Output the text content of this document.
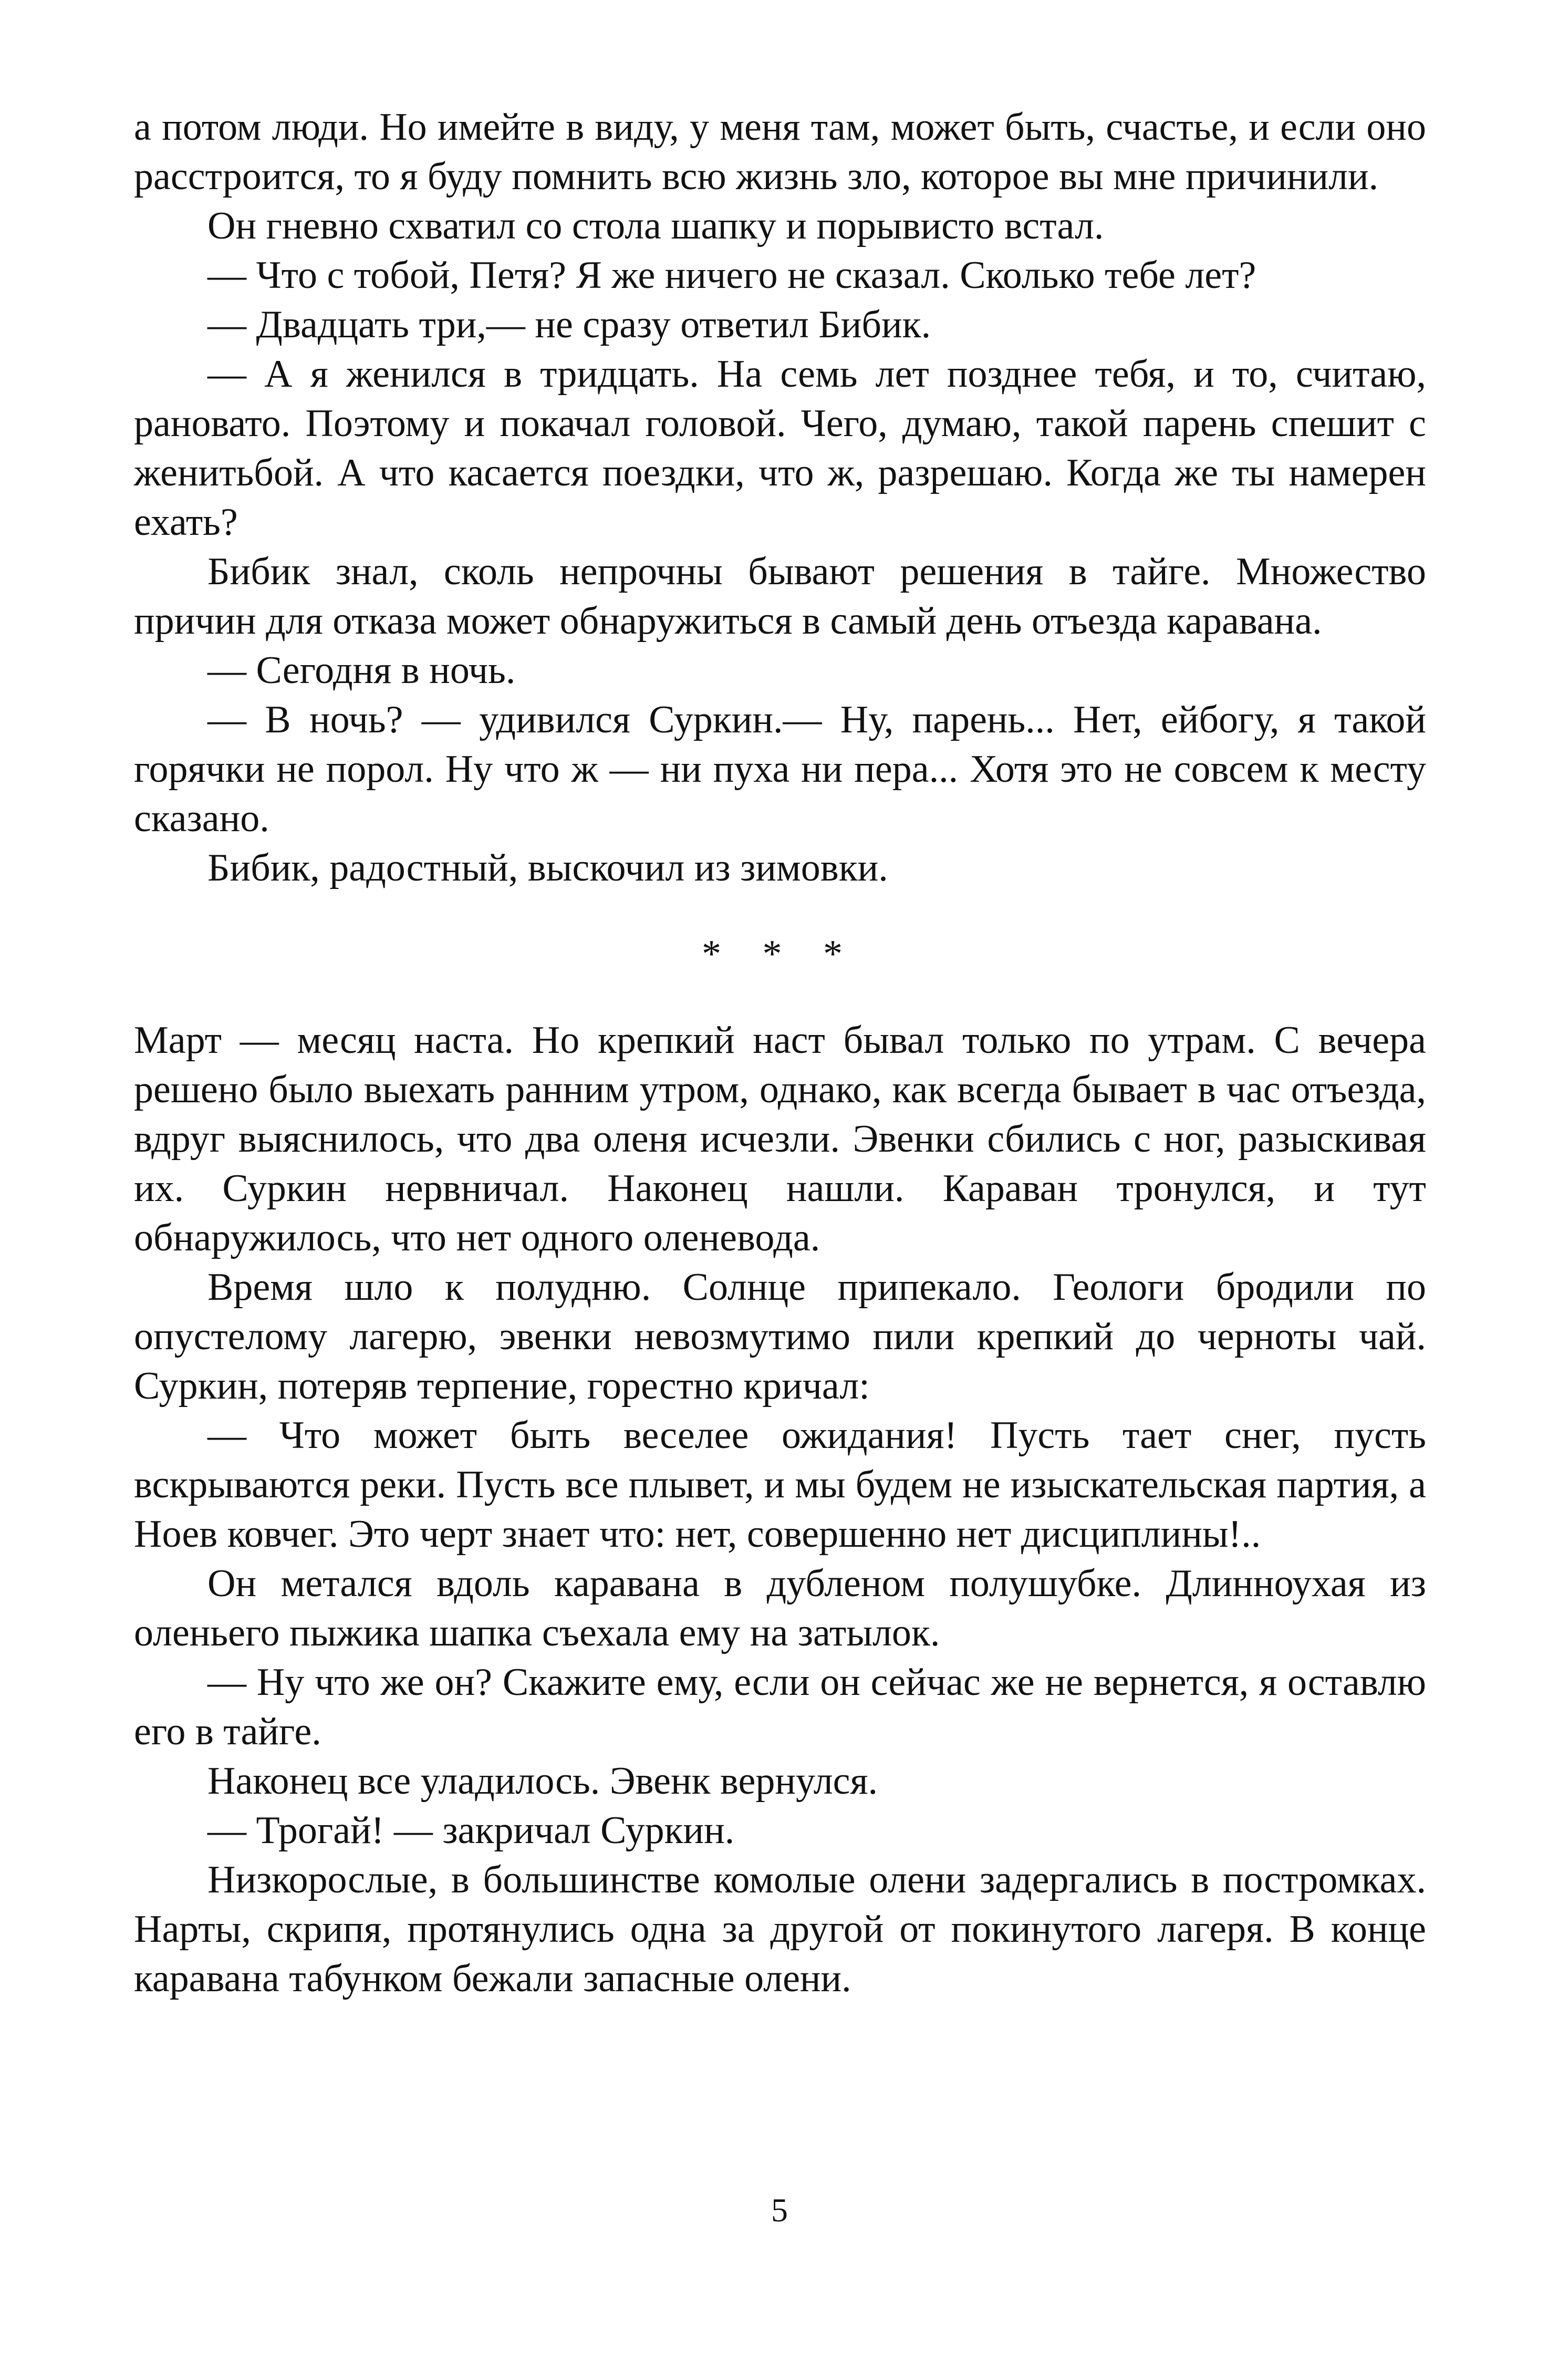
а потом люди. Но имейте в виду, у меня там, может быть, счастье, и если оно расстроится, то я буду помнить всю жизнь зло, которое вы мне причинили.

Он гневно схватил со стола шапку и порывисто встал.

— Что с тобой, Петя? Я же ничего не сказал. Сколько тебе лет?

— Двадцать три,— не сразу ответил Бибик.

— А я женился в тридцать. На семь лет позднее тебя, и то, считаю, рановато. Поэтому и покачал головой. Чего, думаю, такой парень спешит с женитьбой. А что касается поездки, что ж, разрешаю. Когда же ты намерен ехать?

Бибик знал, сколь непрочны бывают решения в тайге. Множество причин для отказа может обнаружиться в самый день отъезда каравана.

— Сегодня в ночь.

— В ночь? — удивился Суркин.— Ну, парень... Нет, ейбогу, я такой горячки не порол. Ну что ж — ни пуха ни пера... Хотя это не совсем к месту сказано.

Бибик, радостный, выскочил из зимовки.

* * *

Март — месяц наста. Но крепкий наст бывал только по утрам. С вечера решено было выехать ранним утром, однако, как всегда бывает в час отъезда, вдруг выяснилось, что два оленя исчезли. Эвенки сбились с ног, разыскивая их. Суркин нервничал. Наконец нашли. Караван тронулся, и тут обнаружилось, что нет одного оленевода.

Время шло к полудню. Солнце припекало. Геологи бродили по опустелому лагерю, эвенки невозмутимо пили крепкий до черноты чай. Суркин, потеряв терпение, горестно кричал:

— Что может быть веселее ожидания! Пусть тает снег, пусть вскрываются реки. Пусть все плывет, и мы будем не изыскательская партия, а Ноев ковчег. Это черт знает что: нет, совершенно нет дисциплины!..

Он метался вдоль каравана в дубленом полушубке. Длинноухая из оленьего пыжика шапка съехала ему на затылок.

— Ну что же он? Скажите ему, если он сейчас же не вернется, я оставлю его в тайге.

Наконец все уладилось. Эвенк вернулся.

— Трогай! — закричал Суркин.

Низкорослые, в большинстве комолые олени задергались в постромках. Нарты, скрипя, протянулись одна за другой от покинутого лагеря. В конце каравана табунком бежали запасные олени.

5
